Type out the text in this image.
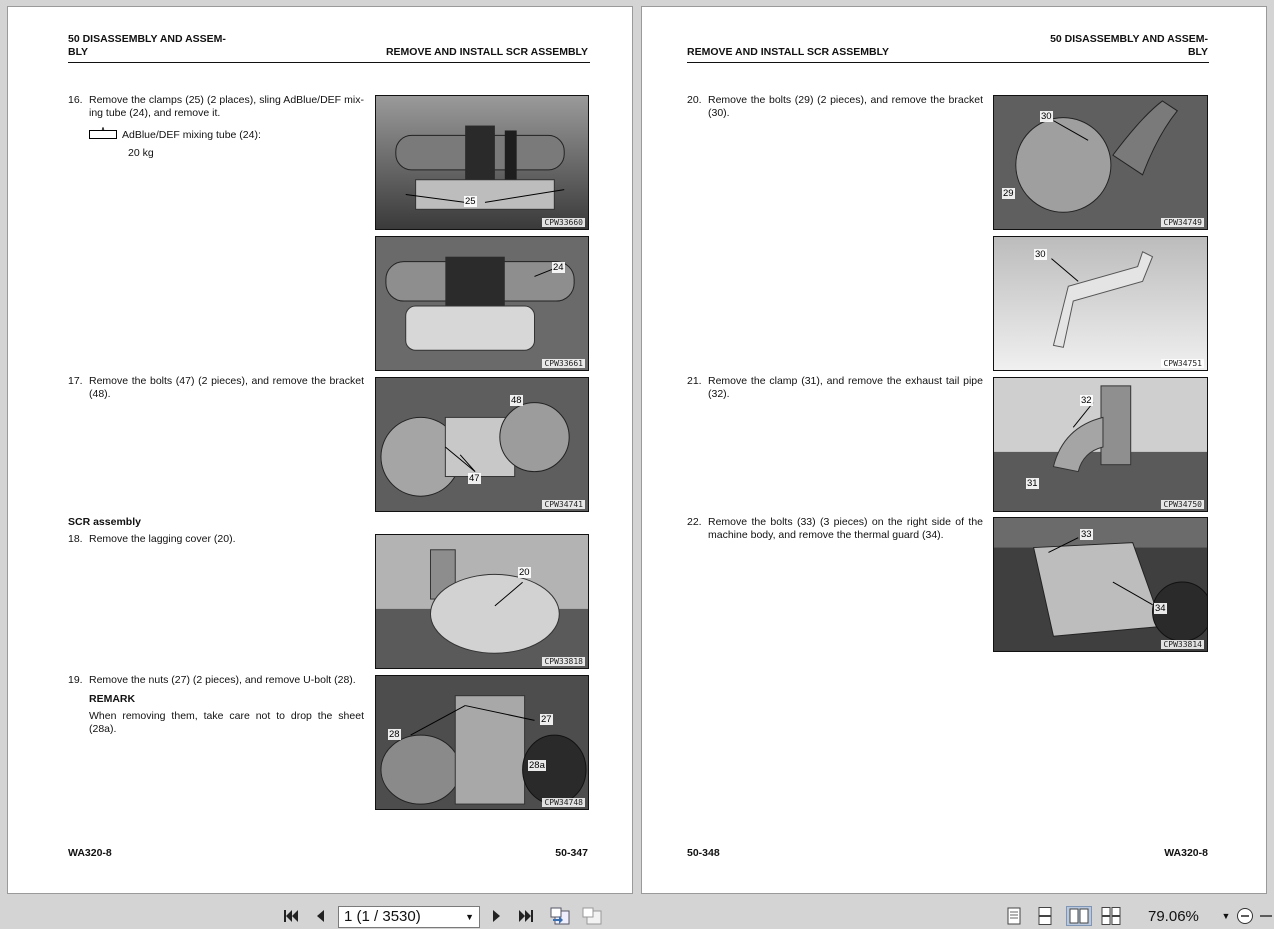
50 DISASSEMBLY AND ASSEM-
BLY	REMOVE AND INSTALL SCR ASSEMBLY
16. Remove the clamps (25) (2 places), sling AdBlue/DEF mix-ing tube (24), and remove it.
AdBlue/DEF mixing tube (24):
20 kg
17. Remove the bolts (47) (2 pieces), and remove the bracket (48).
SCR assembly
18. Remove the lagging cover (20).
19. Remove the nuts (27) (2 pieces), and remove U-bolt (28).
REMARK
When removing them, take care not to drop the sheet (28a).
25
CPW33660
24
CPW33661
48
47
CPW34741
20
CPW33818
27
28
28a
CPW34748
WA320-8	50-347
50 DISASSEMBLY AND ASSEM-
BLY
REMOVE AND INSTALL SCR ASSEMBLY
20. Remove the bolts (29) (2 pieces), and remove the bracket (30).
21. Remove the clamp (31), and remove the exhaust tail pipe (32).
22. Remove the bolts (33) (3 pieces) on the right side of the machine body, and remove the thermal guard (34).
30
29
CPW34749
30
CPW34751
32
31
CPW34750
33
34
CPW33814
50-348	WA320-8
1 (1 / 3530)	▼	79.06%	▼
